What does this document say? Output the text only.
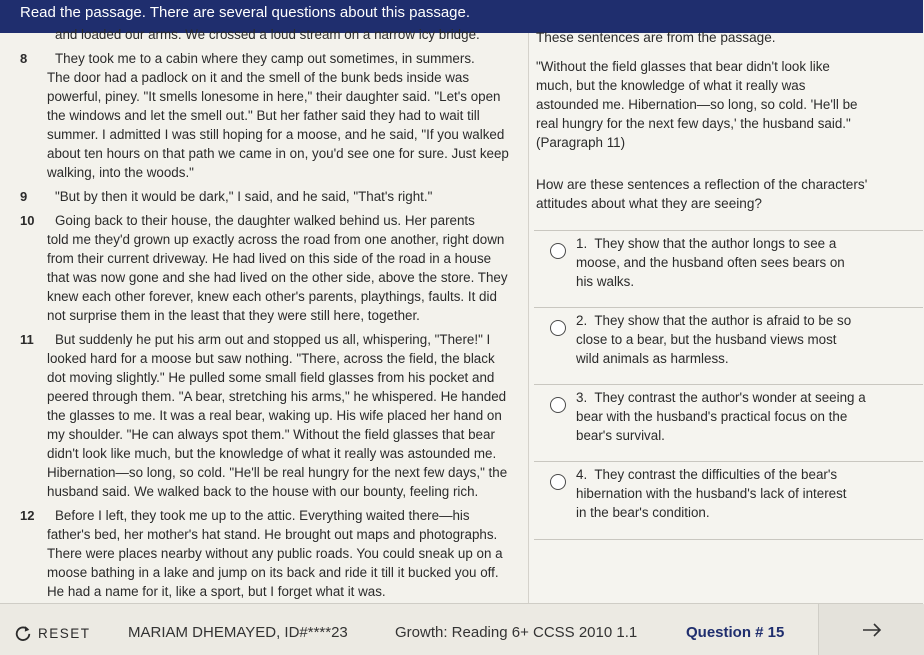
Read the passage. There are several questions about this passage.

and loaded our arms. We crossed a loud stream on a narrow icy bridge.

8 They took me to a cabin where they camp out sometimes, in summers.
The door had a padlock on it and the smell of the bunk beds inside was
powerful, piney. "It smells lonesome in here," their daughter said. "Let's open
the windows and let the smell out." But her father said they had to wait till
summer. I admitted I was still hoping for a moose, and he said, "If you walked
about ten hours on that path we came in on, you'd see one for sure. Just keep
walking, into the woods."

9 "But by then it would be dark," I said, and he said, "That's right."

10 Going back to their house, the daughter walked behind us. Her parents
told me they'd grown up exactly across the road from one another, right down
from their current driveway. He had lived on this side of the road in a house
that was now gone and she had lived on the other side, above the store. They
knew each other forever, knew each other's parents, playthings, faults. It did
not surprise them in the least that they were still here, together.

11 But suddenly he put his arm out and stopped us all, whispering, "There!" I
looked hard for a moose but saw nothing. "There, across the field, the black
dot moving slightly." He pulled some small field glasses from his pocket and
peered through them. "A bear, stretching his arms," he whispered. He handed
the glasses to me. It was a real bear, waking up. His wife placed her hand on
my shoulder. "He can always spot them." Without the field glasses that bear
didn't look like much, but the knowledge of what it really was astounded me.
Hibernation—so long, so cold. "He'll be real hungry for the next few days," the
husband said. We walked back to the house with our bounty, feeling rich.

12 Before I left, they took me up to the attic. Everything waited there—his
father's bed, her mother's hat stand. He brought out maps and photographs.
There were places nearby without any public roads. You could sneak up on a
moose bathing in a lake and jump on its back and ride it till it bucked you off.
He had a name for it, like a sport, but I forget what it was.

These sentences are from the passage.

"Without the field glasses that bear didn't look like
much, but the knowledge of what it really was
astounded me. Hibernation—so long, so cold. 'He'll be
real hungry for the next few days,' the husband said."
(Paragraph 11)
How are these sentences a reflection of the characters'
attitudes about what they are seeing?
1. They show that the author longs to see a
moose, and the husband often sees bears on
his walks.
2. They show that the author is afraid to be so
close to a bear, but the husband views most
wild animals as harmless.
3. They contrast the author's wonder at seeing a
bear with the husband's practical focus on the
bear's survival.
4. They contrast the difficulties of the bear's
hibernation with the husband's lack of interest
in the bear's condition.
RESET MARIAM DHEMAYED, ID#****23	Growth: Reading 6+ CCSS 2010 1.1	Question # 15
